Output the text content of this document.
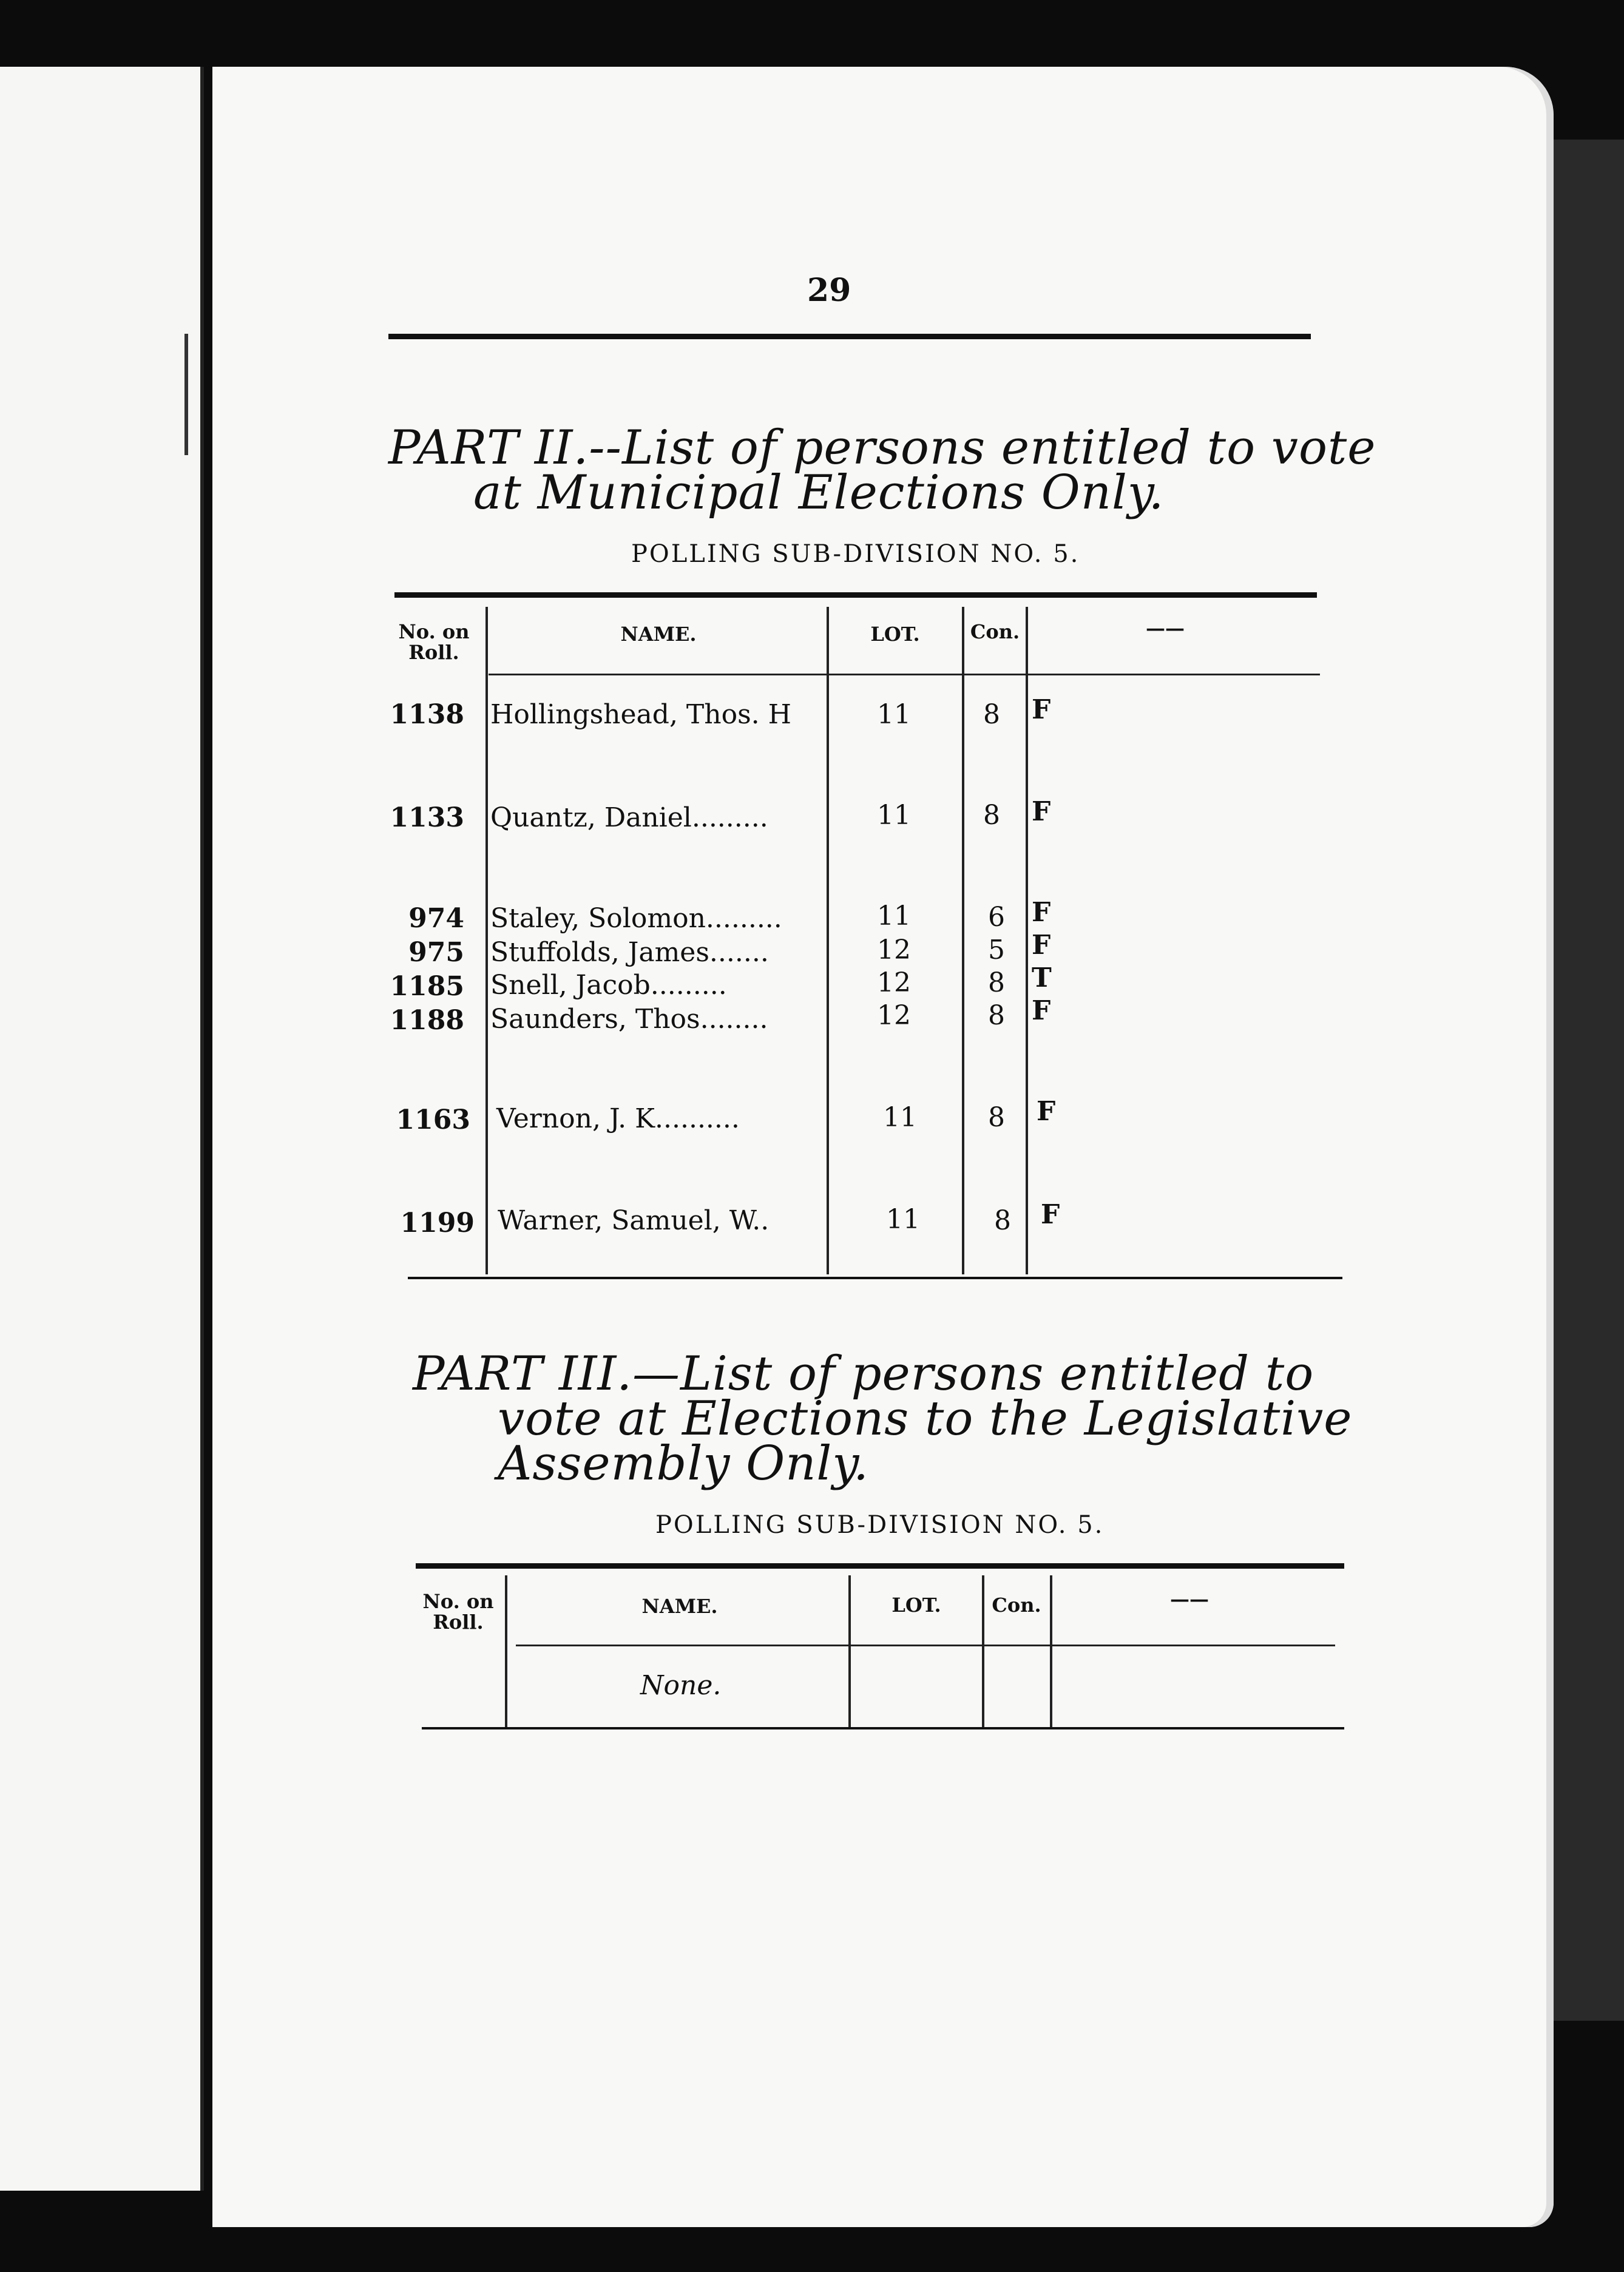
29
PART II.--List of persons entitled to vote
at Municipal Elections Only.
POLLING SUB-DIVISION NO. 5.
No. on
Roll.
NAME.	LOT.	Con.	——
1138 Hollingshead, Thos. H	11	8 F
1133 Quantz, Daniel.........	11	8 F
974 Staley, Solomon.........	11	6 F
975 Stuffolds, James.......	12	5 F
1185 Snell, Jacob.........	12	8 T
1188 Saunders, Thos........	12	8 F
1163 Vernon, J. K..........	11	8 F
1199 Warner, Samuel, W..	11	8 F
PART III.—List of persons entitled to
vote at Elections to the Legislative
Assembly Only.
POLLING SUB-DIVISION NO. 5.
No. on
Roll.
NAME.	LOT.	Con.	——
None.
